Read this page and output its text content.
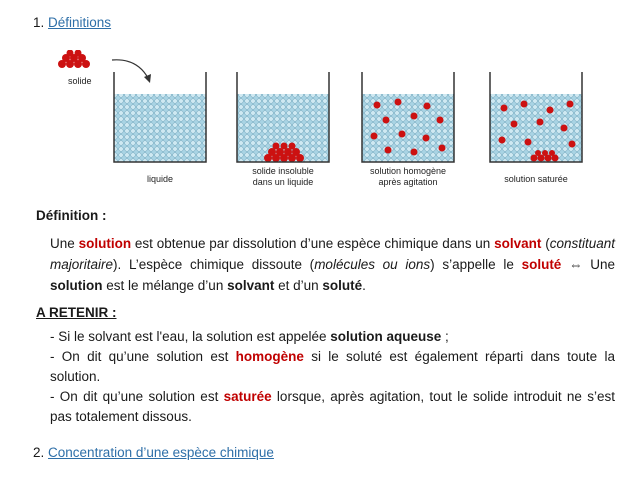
1. Définitions
solide
liquide
solide insoluble
dans un liquide
solution homogène
après agitation	solution saturée
Définition :
Une solution est obtenue par dissolution d’une espèce chimique dans un solvant (constituant majoritaire). L’espèce chimique dissoute (molécules ou ions) s’appelle le soluté ⇔ Une solution est le mélange d’un solvant et d’un soluté.
A RETENIR :
- Si le solvant est l'eau, la solution est appelée solution aqueuse ;
- On dit qu’une solution est homogène si le soluté est également réparti dans toute la solution.
- On dit qu’une solution est saturée lorsque, après agitation, tout le solide introduit ne s’est pas totalement dissous.
2. Concentration d’une espèce chimique
